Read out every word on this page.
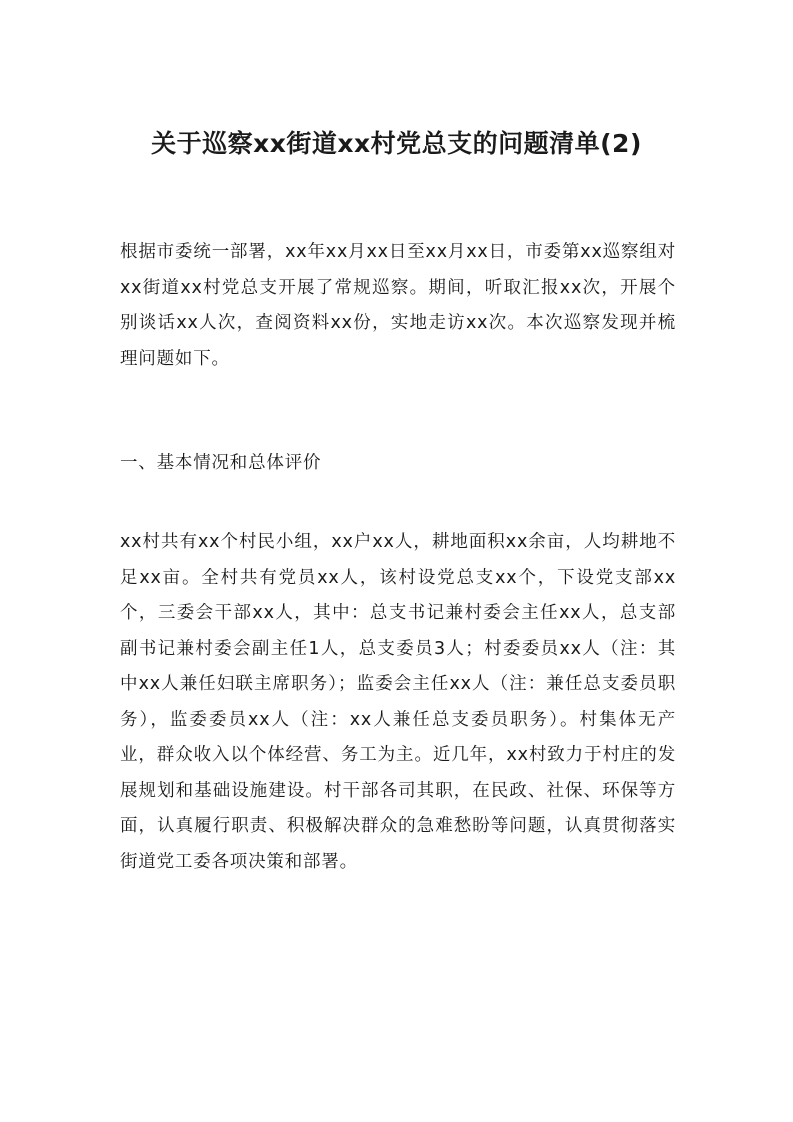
关于巡察xx街道xx村党总支的问题清单(2)

根据市委统一部署，xx年xx月xx日至xx月xx日，市委第xx巡察组对xx街道xx村党总支开展了常规巡察。期间，听取汇报xx次，开展个别谈话xx人次，查阅资料xx份，实地走访xx次。本次巡察发现并梳理问题如下。

一、基本情况和总体评价

xx村共有xx个村民小组，xx户xx人，耕地面积xx余亩，人均耕地不足xx亩。全村共有党员xx人，该村设党总支xx个，下设党支部xx个，三委会干部xx人，其中：总支书记兼村委会主任xx人，总支部副书记兼村委会副主任1人，总支委员3人；村委委员xx人（注：其中xx人兼任妇联主席职务）；监委会主任xx人（注：兼任总支委员职务），监委委员xx人（注：xx人兼任总支委员职务）。村集体无产业，群众收入以个体经营、务工为主。近几年，xx村致力于村庄的发展规划和基础设施建设。村干部各司其职，在民政、社保、环保等方面，认真履行职责、积极解决群众的急难愁盼等问题，认真贯彻落实街道党工委各项决策和部署。
